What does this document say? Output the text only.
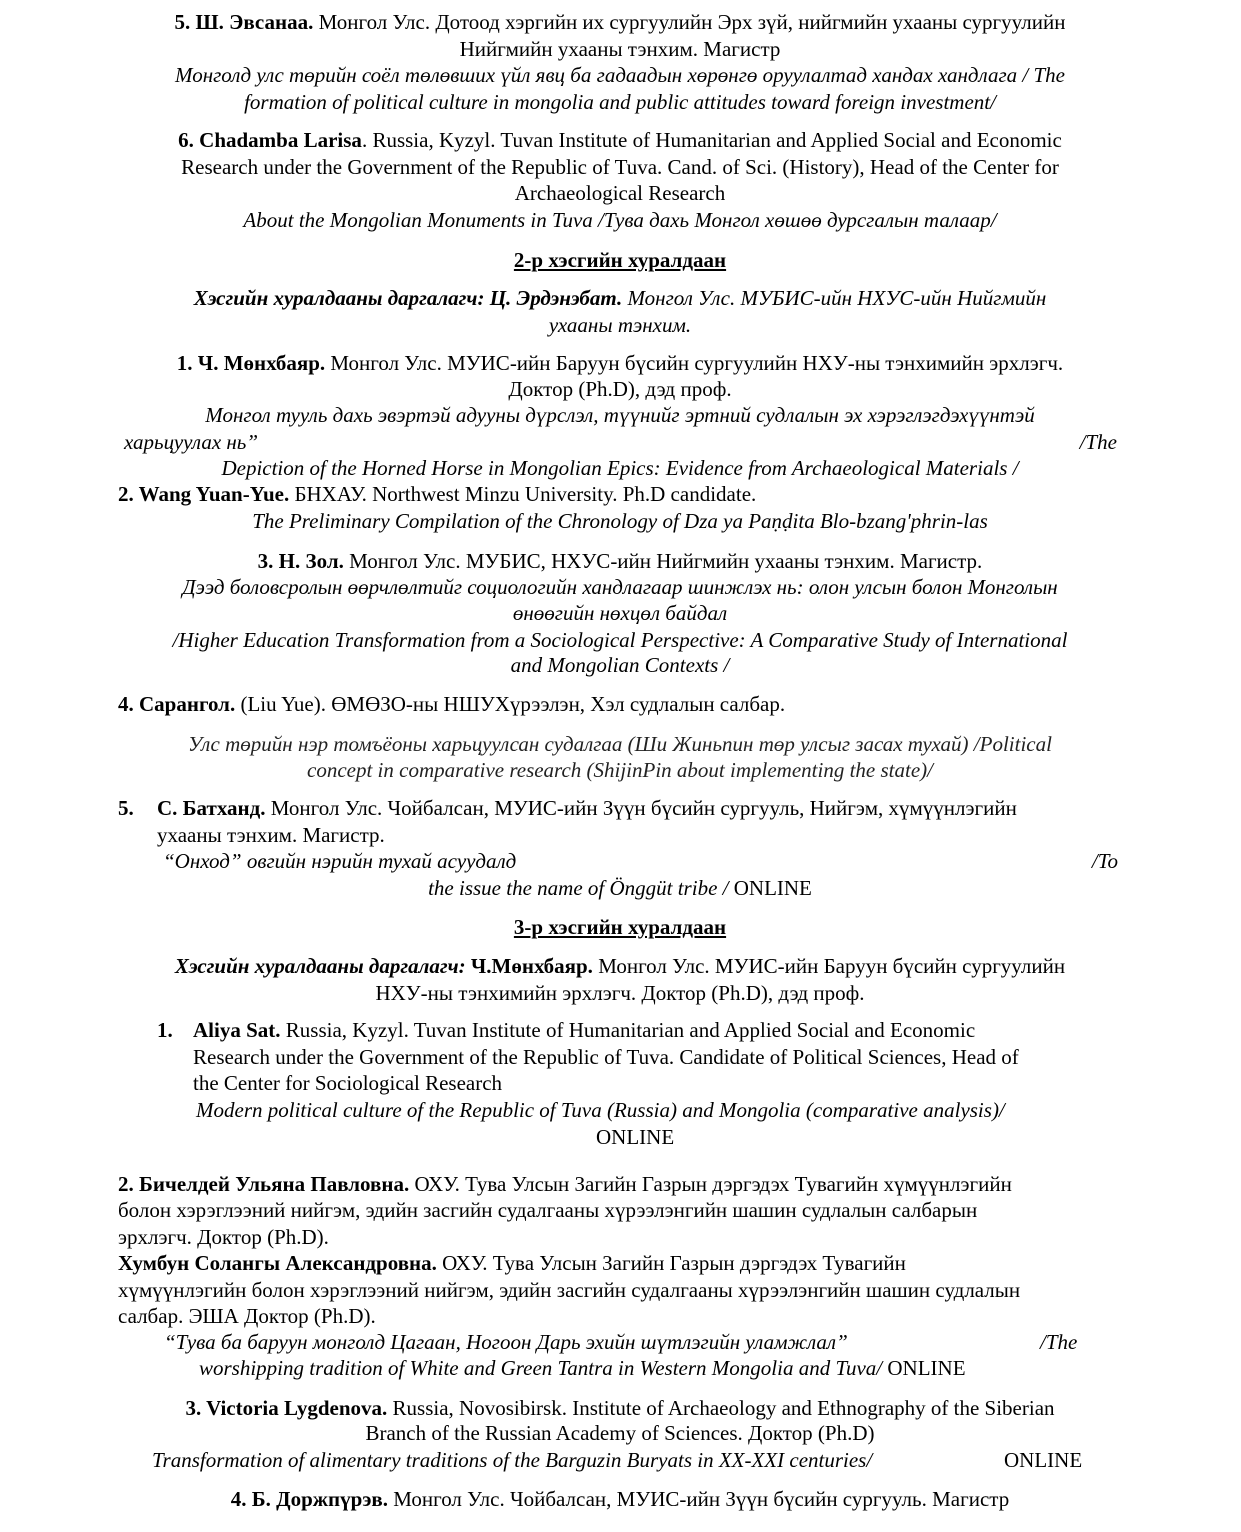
5. Ш. Эвсанаа. Монгол Улс. Дотоод хэргийн их сургуулийн Эрх зүй, нийгмийн ухааны сургуулийн
Нийгмийн ухааны тэнхим. Магистр
Монголд улс төрийн соёл төлөвших үйл явц ба гадаадын хөрөнгө оруулалтад хандах хандлага / The
formation of political culture in mongolia and public attitudes toward foreign investment/
6. Chadamba Larisa. Russia, Kyzyl. Tuvan Institute of Humanitarian and Applied Social and Economic
Research under the Government of the Republic of Tuva. Cand. of Sci. (History), Head of the Center for
Archaeological Research
About the Mongolian Monuments in Tuva /Тува дахь Монгол хөшөө дурсгалын талаар/
2-р хэсгийн хуралдаан
Хэсгийн хуралдааны даргалагч: Ц. Эрдэнэбат. Монгол Улс. МУБИС-ийн НХУС-ийн Нийгмийн
ухааны тэнхим.
1. Ч. Мөнхбаяр. Монгол Улс. МУИС-ийн Баруун бүсийн сургуулийн НХУ-ны тэнхимийн эрхлэгч.
Доктор (Ph.D), дэд проф.
Монгол тууль дахь эвэртэй адууны дүрслэл, түүнийг эртний судлалын эх хэрэглэгдэхүүнтэй
харьцуулах нь”	/The
Depiction of the Horned Horse in Mongolian Epics: Evidence from Archaeological Materials /
2. Wang Yuan-Yue. БНХАУ. Northwest Minzu University. Ph.D candidate.
The Preliminary Compilation of the Chronology of Dza ya Paṇḍita Blo-bzang'phrin-las
3. Н. Зол. Монгол Улс. МУБИС, НХУС-ийн Нийгмийн ухааны тэнхим. Магистр.
Дээд боловсролын өөрчлөлтийг социологийн хандлагаар шинжлэх нь: олон улсын болон Монголын
өнөөгийн нөхцөл байдал
/Higher Education Transformation from a Sociological Perspective: A Comparative Study of International
and Mongolian Contexts /
4. Сарангол. (Liu Yue). ӨМӨЗО-ны НШУХүрээлэн, Хэл судлалын салбар.
Улс төрийн нэр томъёоны харьцуулсан судалгаа (Ши Жиньпин төр улсыг засах тухай) /Political
concept in comparative research (ShijinPin about implementing the state)/
5. С. Батханд. Монгол Улс. Чойбалсан, МУИС-ийн Зүүн бүсийн сургууль, Нийгэм, хүмүүнлэгийн
ухааны тэнхим. Магистр.
“Онход” овгийн нэрийн тухай асуудалд	/To
the issue the name of Önggüt tribe / ONLINE
3-р хэсгийн хуралдаан
Хэсгийн хуралдааны даргалагч: Ч.Мөнхбаяр. Монгол Улс. МУИС-ийн Баруун бүсийн сургуулийн
НХУ-ны тэнхимийн эрхлэгч. Доктор (Ph.D), дэд проф.
1. Aliya Sat. Russia, Kyzyl. Tuvan Institute of Humanitarian and Applied Social and Economic
Research under the Government of the Republic of Tuva. Candidate of Political Sciences, Head of
the Center for Sociological Research
Modern political culture of the Republic of Tuva (Russia) and Mongolia (comparative analysis)/
ONLINE
2. Бичелдей Ульяна Павловна. ОХУ. Тува Улсын Загийн Газрын дэргэдэх Тувагийн хүмүүнлэгийн
болон хэрэглээний нийгэм, эдийн засгийн судалгааны хүрээлэнгийн шашин судлалын салбарын
эрхлэгч. Доктор (Ph.D).
Хумбун Солангы Александровна. ОХУ. Тува Улсын Загийн Газрын дэргэдэх Тувагийн
хүмүүнлэгийн болон хэрэглээний нийгэм, эдийн засгийн судалгааны хүрээлэнгийн шашин судлалын
салбар. ЭША Доктор (Ph.D).
“Тува ба баруун монголд Цагаан, Ногоон Дарь эхийн шүтлэгийн уламжлал”	/The
worshipping tradition of White and Green Tantra in Western Mongolia and Tuva/ ONLINE
3. Victoria Lygdenova. Russia, Novosibirsk. Institute of Archaeology and Ethnography of the Siberian
Branch of the Russian Academy of Sciences. Доктор (Ph.D)
Transformation of alimentary traditions of the Barguzin Buryats in XX-XXI centuries/	ONLINE
4. Б. Доржпүрэв. Монгол Улс. Чойбалсан, МУИС-ийн Зүүн бүсийн сургууль. Магистр
